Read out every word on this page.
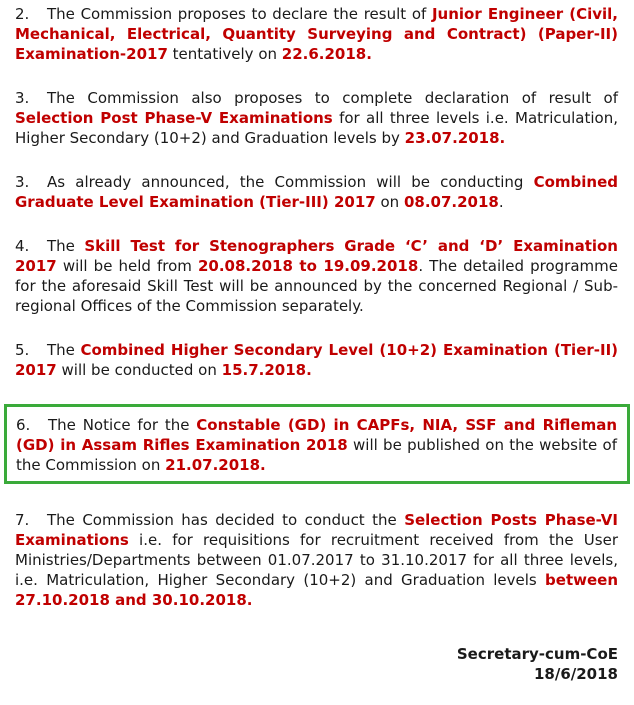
2. The Commission proposes to declare the result of Junior Engineer (Civil, Mechanical, Electrical, Quantity Surveying and Contract) (Paper-II) Examination-2017 tentatively on 22.6.2018.

3. The Commission also proposes to complete declaration of result of Selection Post Phase-V Examinations for all three levels i.e. Matriculation, Higher Secondary (10+2) and Graduation levels by 23.07.2018.

3. As already announced, the Commission will be conducting Combined Graduate Level Examination (Tier-III) 2017 on 08.07.2018.

4. The Skill Test for Stenographers Grade ‘C’ and ‘D’ Examination 2017 will be held from 20.08.2018 to 19.09.2018. The detailed programme for the aforesaid Skill Test will be announced by the concerned Regional / Sub-regional Offices of the Commission separately.

5. The Combined Higher Secondary Level (10+2) Examination (Tier-II) 2017 will be conducted on 15.7.2018.

6. The Notice for the Constable (GD) in CAPFs, NIA, SSF and Rifleman (GD) in Assam Rifles Examination 2018 will be published on the website of the Commission on 21.07.2018.

7. The Commission has decided to conduct the Selection Posts Phase-VI Examinations i.e. for requisitions for recruitment received from the User Ministries/Departments between 01.07.2017 to 31.10.2017 for all three levels, i.e. Matriculation, Higher Secondary (10+2) and Graduation levels between 27.10.2018 and 30.10.2018.

Secretary-cum-CoE
18/6/2018
